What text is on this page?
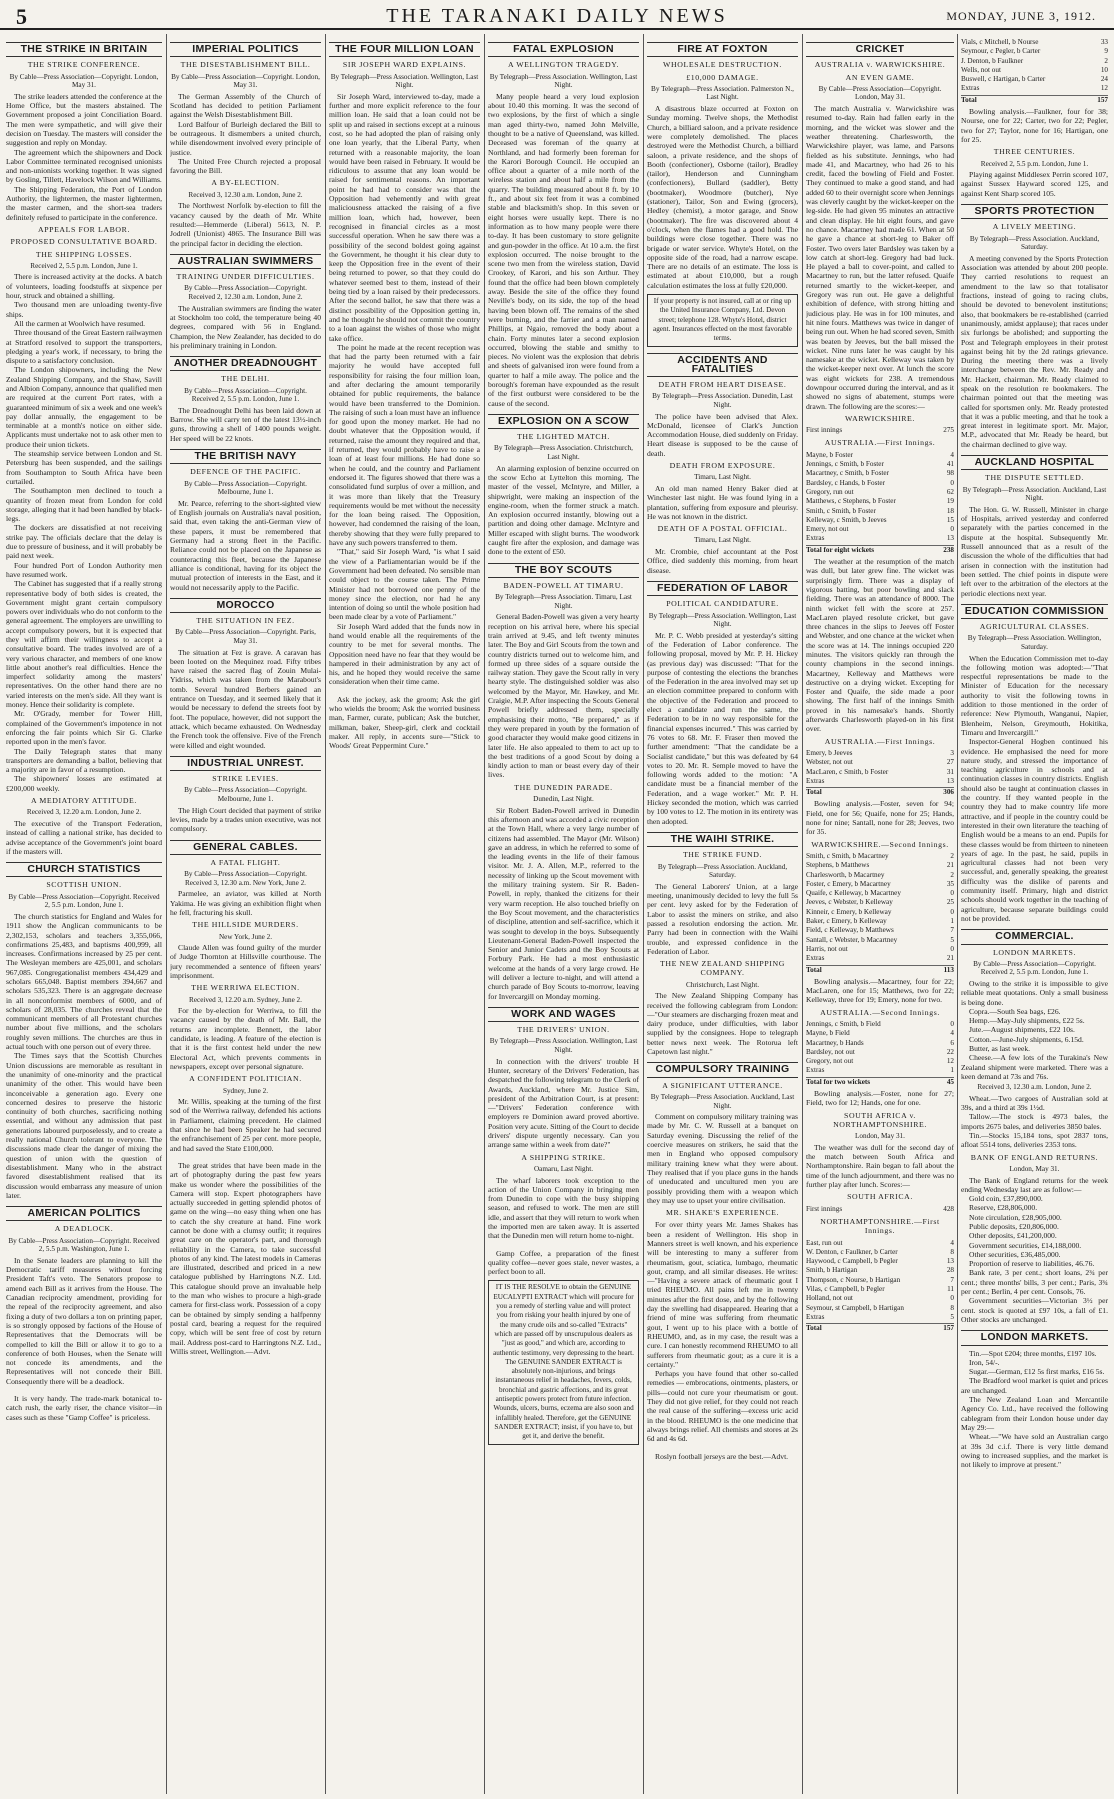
5	THE TARANAKI DAILY NEWS	MONDAY, JUNE 3, 1912.
THE STRIKE IN BRITAIN
THE STRIKE CONFERENCE.
By Cable—Press Association—Copyright. London, May 31.

The strike leaders attended the conference at the Home Office, but the masters abstained. The Government proposed a joint Conciliation Board. The men were sympathetic, and will give their decision on Tuesday. The masters will consider the suggestion and reply on Monday.

The agreement which the shipowners and Dock Labor Committee terminated recognised unionists and non-unionists working together. It was signed by Gosling, Tillett, Havelock Wilson and Williams.

The Shipping Federation, the Port of London Authority, the lightermen, the master lightermen, the master carmen, and the short-sea traders definitely refused to participate in the conference.

APPEALS FOR LABOR.
PROPOSED CONSULTATIVE BOARD.
THE SHIPPING LOSSES.
Received 2, 5.5 p.m. London, June 1.

There is increased activity at the docks. A batch of volunteers, loading foodstuffs at sixpence per hour, struck and obtained a shilling.

Two thousand men are unloading twenty-five ships.

All the carmen at Woolwich have resumed.

Three thousand of the Great Eastern railwaymen at Stratford resolved to support the transporters, pledging a year's work, if necessary, to bring the dispute to a satisfactory conclusion.

The London shipowners, including the New Zealand Shipping Company, and the Shaw, Savill and Albion Company, announce that qualified men are required at the current Port rates, with a guaranteed minimum of six a week and one week's pay dollar annually, the engagement to be terminable at a month's notice on either side. Applicants must undertake not to ask other men to produce their union tickets.

The steamship service between London and St. Petersburg has been suspended, and the sailings from Southampton to South Africa have been curtailed.

The Southampton men declined to touch a quantity of frozen meat from London for cold storage, alleging that it had been handled by black-legs.

The dockers are dissatisfied at not receiving strike pay. The officials declare that the delay is due to pressure of business, and it will probably be paid next week.

Four hundred Port of London Authority men have resumed work.

The Cabinet has suggested that if a really strong representative body of both sides is created, the Government might grant certain compulsory powers over individuals who do not conform to the general agreement. The employers are unwilling to accept compulsory powers, but it is expected that they will affirm their willingness to accept a consultative board. The trades involved are of a very various character, and members of one know little about another's real difficulties. Hence the imperfect solidarity among the masters' representatives. On the other hand there are no varied interests on the men's side. All they want is money. Hence their solidarity is complete.

Mr. O'Grady, member for Tower Hill, complained of the Government's impotence in not enforcing the fair points which Sir G. Clarke reported upon in the men's favor.

The Daily Telegraph states that many transporters are demanding a ballot, believing that a majority are in favor of a resumption.

The shipowners' losses are estimated at £200,000 weekly.

A MEDIATORY ATTITUDE.
Received 3, 12.20 a.m. London, June 2.

The executive of the Transport Federation, instead of calling a national strike, has decided to advise acceptance of the Government's joint board if the masters will.

CHURCH STATISTICS
SCOTTISH UNION.
By Cable—Press Association—Copyright. Received 2, 5.5 p.m. London, June 1.

The church statistics for England and Wales for 1911 show the Anglican communicants to be 2,302,153, scholars and teachers 3,355,066, confirmations 25,483, and baptisms 400,999, all increases. Confirmations increased by 25 per cent. The Wesleyan members are 425,001, and scholars 967,085. Congregationalist members 434,429 and scholars 665,048. Baptist members 394,667 and scholars 535,323. There is an aggregate decrease in all nonconformist members of 6000, and of scholars of 28,035. The churches reveal that the communicant members of all Protestant churches number about five millions, and the scholars roughly seven millions. The churches are thus in actual touch with one person out of every three.

The Times says that the Scottish Churches Union discussions are memorable as resultant in the unanimity of one-minority and the practical unanimity of the other. This would have been inconceivable a generation ago. Every one concerned desires to preserve the historic continuity of both churches, sacrificing nothing essential, and without any admission that past generations laboured purposelessly, and to create a really national Church tolerant to everyone. The discussions made clear the danger of mixing the question of union with the question of disestablishment. Many who in the abstract favored disestablishment realised that its discussion would embarrass any measure of union later.

AMERICAN POLITICS
A DEADLOCK.
By Cable—Press Association—Copyright. Received 2, 5.5 p.m. Washington, June 1.

In the Senate leaders are planning to kill the Democratic tariff measures without forcing President Taft's veto. The Senators propose to amend each Bill as it arrives from the House. The Canadian reciprocity amendment, providing for the repeal of the reciprocity agreement, and also fixing a duty of two dollars a ton on printing paper, is so strongly opposed by factions of the House of Representatives that the Democrats will be compelled to kill the Bill or allow it to go to a conference of both Houses, when the Senate will not concede its amendments, and the Representatives will not concede their Bill. Consequently there will be a deadlock.

It is very handy. The trade-mark botanical to-catch rush, the early riser, the chance visitor—in cases such as these "Gamp Coffee" is priceless.

IMPERIAL POLITICS
THE DISESTABLISHMENT BILL.
By Cable—Press Association—Copyright. London, May 31.

The German Assembly of the Church of Scotland has decided to petition Parliament against the Welsh Disestablishment Bill.

Lord Balfour of Burleigh declared the Bill to be outrageous. It dismembers a united church, while disendowment involved every principle of justice.

The United Free Church rejected a proposal favoring the Bill.

A BY-ELECTION.
Received 3, 12.30 a.m. London, June 2.

The Northwest Norfolk by-election to fill the vacancy caused by the death of Mr. White resulted:—Hemmerde (Liberal) 5613, N. P. Jodrell (Unionist) 4865. The Insurance Bill was the principal factor in deciding the election.

AUSTRALIAN SWIMMERS
TRAINING UNDER DIFFICULTIES.
By Cable—Press Association—Copyright. Received 2, 12.30 a.m. London, June 2.

The Australian swimmers are finding the water at Stockholm too cold, the temperature being 40 degrees, compared with 56 in England. Champion, the New Zealander, has decided to do his preliminary training in London.

ANOTHER DREADNOUGHT
THE DELHI.
By Cable—Press Association—Copyright. Received 2, 5.5 p.m. London, June 1.

The Dreadnought Delhi has been laid down at Barrow. She will carry ten of the latest 13½-inch guns, throwing a shell of 1400 pounds weight. Her speed will be 22 knots.

THE BRITISH NAVY
DEFENCE OF THE PACIFIC.
By Cable—Press Association—Copyright. Melbourne, June 1.

Mr. Pearce, referring to the short-sighted view of English journals on Australia's naval position, said that, even taking the anti-German view of these papers, it must be remembered that Germany had a strong fleet in the Pacific. Reliance could not be placed on the Japanese as counteracting this fleet, because the Japanese alliance is conditional, having for its object the mutual protection of interests in the East, and it would not necessarily apply to the Pacific.

MOROCCO
THE SITUATION IN FEZ.
By Cable—Press Association—Copyright. Paris, May 31.

The situation at Fez is grave. A caravan has been looted on the Mequinez road. Fifty tribes have raised the sacred flag of Zouin Mulai-Yidriss, which was taken from the Marabout's tomb. Several hundred Berbers gained an entrance on Tuesday, and it seemed likely that it would be necessary to defend the streets foot by foot. The populace, however, did not support the attack, which became exhausted. On Wednesday the French took the offensive. Five of the French were killed and eight wounded.

INDUSTRIAL UNREST.
STRIKE LEVIES.
By Cable—Press Association—Copyright. Melbourne, June 1.

The High Court decided that payment of strike levies, made by a trades union executive, was not compulsory.

GENERAL CABLES.
A FATAL FLIGHT.
By Cable—Press Association—Copyright. Received 3, 12.30 a.m. New York, June 2.

Parmelee, an aviator, was killed at North Yakima. He was giving an exhibition flight when he fell, fracturing his skull.

THE HILLSIDE MURDERS.
New York, June 2.

Claude Allen was found guilty of the murder of Judge Thornton at Hillsville courthouse. The jury recommended a sentence of fifteen years' imprisonment.

THE WERRIWA ELECTION.
Received 3, 12.20 a.m. Sydney, June 2.

For the by-election for Werriwa, to fill the vacancy caused by the death of Mr. Ball, the returns are incomplete. Bennett, the labor candidate, is leading. A feature of the election is that it is the first contest held under the new Electoral Act, which prevents comments in newspapers, except over personal signature.

A CONFIDENT POLITICIAN.
Sydney, June 2.

Mr. Willis, speaking at the turning of the first sod of the Werriwa railway, defended his actions in Parliament, claiming precedent. He claimed that since he had been Speaker he had secured the enfranchisement of 25 per cent. more people, and had saved the State £100,000.

The great strides that have been made in the art of photography during the past few years make us wonder where the possibilities of the Camera will stop. Expert photographers have actually succeeded in getting splendid photos of game on the wing—no easy thing when one has to catch the shy creature at hand. Fine work cannot be done with a clumsy outfit; it requires great care on the operator's part, and thorough reliability in the Camera, to take successful photos of any kind. The latest models in Cameras are illustrated, described and priced in a new catalogue published by Harringtons N.Z. Ltd. This catalogue should prove an invaluable help to the man who wishes to procure a high-grade camera for first-class work. Possession of a copy can be obtained by simply sending a halfpenny postal card, bearing a request for the required copy, which will be sent free of cost by return mail. Address post-card to Harringtons N.Z. Ltd., Willis street, Wellington.—Advt.

THE FOUR MILLION LOAN
SIR JOSEPH WARD EXPLAINS.
By Telegraph—Press Association. Wellington, Last Night.

Sir Joseph Ward, interviewed to-day, made a further and more explicit reference to the four million loan. He said that a loan could not be split up and raised in sections except at a ruinous cost, so he had adopted the plan of raising only one loan yearly, that the Liberal Party, when returned with a reasonable majority, the loan would have been raised in February. It would be ridiculous to assume that any loan would be raised for sentimental reasons. An important point he had had to consider was that the Opposition had vehemently and with great maliciousness attacked the raising of a five million loan, which had, however, been recognised in financial circles as a most successful operation. When he saw there was a possibility of the second boldest going against the Government, he thought it his clear duty to keep the Opposition free in the event of their being returned to power, so that they could do whatever seemed best to them, instead of their being tied by a loan raised by their predecessors. After the second ballot, he saw that there was a distinct possibility of the Opposition getting in, and he thought he should not commit the country to a loan against the wishes of those who might take office.

The point he made at the recent reception was that had the party been returned with a fair majority he would have accepted full responsibility for raising the four million loan, and after declaring the amount temporarily obtained for public requirements, the balance would have been transferred to the Dominion. The raising of such a loan must have an influence for good upon the money market. He had no doubt whatever that the Opposition would, if returned, raise the amount they required and that, if returned, they would probably have to raise a loan of at least four millions. He had done so when he could, and the country and Parliament endorsed it. The figures showed that there was a consolidated fund surplus of over a million, and it was more than likely that the Treasury requirements would be met without the necessity for the loan being raised. The Opposition, however, had condemned the raising of the loan, thereby showing that they were fully prepared to have any such powers transferred to them.

"That," said Sir Joseph Ward, "is what I said the view of a Parliamentarian would be if the Government had been defeated. No sensible man could object to the course taken. The Prime Minister had not borrowed one penny of the money since the election, nor had he any intention of doing so until the whole position had been made clear by a vote of Parliament."

Sir Joseph Ward added that the funds now in hand would enable all the requirements of the country to be met for several months. The Opposition need have no fear that they would be hampered in their administration by any act of his, and he hoped they would receive the same consideration when their time came.

Ask the jockey, ask the groom; Ask the girl who wields the broom; Ask the worried business man, Farmer, curate, publican; Ask the butcher, milkman, baker, Sheep-girl, clerk and cocktail maker. All reply, in accents sure—"Stick to Woods' Great Peppermint Cure."

FATAL EXPLOSION
A WELLINGTON TRAGEDY.
By Telegraph—Press Association. Wellington, Last Night.

Many people heard a very loud explosion about 10.40 this morning. It was the second of two explosions, by the first of which a single man aged thirty-two, named John Melville, thought to be a native of Queensland, was killed. Deceased was foreman of the quarry at Northland, and had formerly been foreman for the Karori Borough Council. He occupied an office about a quarter of a mile north of the wireless station and about half a mile from the quarry. The building measured about 8 ft. by 10 ft., and about six feet from it was a combined stable and blacksmith's shop. In this seven or eight horses were usually kept. There is no information as to how many people were there to-day. It has been customary to store gelignite and gun-powder in the office. At 10 a.m. the first explosion occurred. The noise brought to the scene two men from the wireless station, David Crookey, of Karori, and his son Arthur. They found that the office had been blown completely away. Beside the site of the office they found Neville's body, on its side, the top of the head having been blown off. The remains of the shed were burning, and the farrier and a man named Phillips, at Ngaio, removed the body about a chain. Forty minutes later a second explosion occurred, blowing the stable and smithy to pieces. No violent was the explosion that debris and sheets of galvanised iron were found from a quarter to half a mile away. The police and the borough's foreman have expounded as the result of the first outburst were considered to be the cause of the second.

EXPLOSION ON A SCOW
THE LIGHTED MATCH.
By Telegraph—Press Association. Christchurch, Last Night.

An alarming explosion of benzine occurred on the scow Echo at Lyttelton this morning. The master of the vessel, McIntyre, and Miller, a shipwright, were making an inspection of the engine-room, when the former struck a match. An explosion occurred instantly, blowing out a partition and doing other damage. McIntyre and Miller escaped with slight burns. The woodwork caught fire after the explosion, and damage was done to the extent of £50.

THE BOY SCOUTS
BADEN-POWELL AT TIMARU.
By Telegraph—Press Association. Timaru, Last Night.

General Baden-Powell was given a very hearty reception on his arrival here, where his special train arrived at 9.45, and left twenty minutes later. The Boy and Girl Scouts from the town and country districts turned out to welcome him, and formed up three sides of a square outside the railway station. They gave the Scout rally in very hearty style. The distinguished soldier was also welcomed by the Mayor, Mr. Hawkey, and Mr. Craigie, M.P. After inspecting the Scouts General Powell briefly addressed them, specially emphasising their motto, "Be prepared," as if they were prepared in youth by the formation of good character they would make good citizens in later life. He also appealed to them to act up to the best traditions of a good Scout by doing a kindly action to man or beast every day of their lives.

THE DUNEDIN PARADE.
Dunedin, Last Night.

Sir Robert Baden-Powell arrived in Dunedin this afternoon and was accorded a civic reception at the Town Hall, where a very large number of citizens had assembled. The Mayor (Mr. Wilson) gave an address, in which he referred to some of the leading events in the life of their famous visitor. Mr. J. A. Allen, M.P., referred to the necessity of linking up the Scout movement with the military training system. Sir R. Baden-Powell, in reply, thanked the citizens for their very warm reception. He also touched briefly on the Boy Scout movement, and the characteristics of discipline, attention and self-sacrifice, which it was sought to develop in the boys. Subsequently Lieutenant-General Baden-Powell inspected the Senior and Junior Cadets and the Boy Scouts at Forbury Park. He had a most enthusiastic welcome at the hands of a very large crowd. He will deliver a lecture to-night, and will attend a church parade of Boy Scouts to-morrow, leaving for Invercargill on Monday morning.

WORK AND WAGES
THE DRIVERS' UNION.
By Telegraph—Press Association. Wellington, Last Night.

In connection with the drivers' trouble H Hunter, secretary of the Drivers' Federation, has despatched the following telegram to the Clerk of Awards, Auckland, where Mr. Justice Sim, president of the Arbitration Court, is at present:—"Drivers' Federation conference with employers re Dominion award proved abortive. Position very acute. Sitting of the Court to decide drivers' dispute urgently necessary. Can you arrange same within a week from date?"

A SHIPPING STRIKE.
Oamaru, Last Night.

The wharf laborers took exception to the action of the Union Company in bringing men from Dunedin to cope with the busy shipping season, and refused to work. The men are still idle, and assert that they will return to work when the imported men are taken away. It is asserted that the Dunedin men will return home to-night.

Gamp Coffee, a preparation of the finest quality coffee—never goes stale, never wastes, a perfect boon to all.

IT IS THE RESOLVE to obtain the GENUINE EUCALYPTI EXTRACT which will procure for you a remedy of sterling value and will protect you from risking your health injured by one of the many crude oils and so-called "Extracts" which are passed off by unscrupulous dealers as "just as good," and which are, according to authentic testimony, very depressing to the heart. The GENUINE SANDER EXTRACT is absolutely non-injurious, and brings instantaneous relief in headaches, fevers, colds, bronchial and gastric affections, and its great antiseptic powers protect from future infection. Wounds, ulcers, burns, eczema are also soon and infallibly healed. Therefore, get the GENUINE SANDER EXTRACT; insist, if you have to, but get it, and derive the benefit.
FIRE AT FOXTON
WHOLESALE DESTRUCTION.
£10,000 DAMAGE.
By Telegraph—Press Association. Palmerston N., Last Night.

A disastrous blaze occurred at Foxton on Sunday morning. Twelve shops, the Methodist Church, a billiard saloon, and a private residence were completely demolished. The places destroyed were the Methodist Church, a billiard saloon, a private residence, and the shops of Booth (confectioner), Osborne (tailor), Bradley (tailor), Henderson and Cunningham (confectioners), Bullard (saddler), Betty (bootmaker), Woodmore (butcher), Nye (stationer), Tailor, Son and Ewing (grocers), Hedley (chemist), a motor garage, and Snow (bootmaker). The fire was discovered about 4 o'clock, when the flames had a good hold. The buildings were close together. There was no brigade or water service. Whyte's Hotel, on the opposite side of the road, had a narrow escape. There are no details of an estimate. The loss is estimated at about £10,000, but a rough calculation estimates the loss at fully £20,000.

If your property is not insured, call at or ring up the United Insurance Company, Ltd. Devon street; telephone 128. Whyte's Hotel, district agent. Insurances effected on the most favorable terms.
ACCIDENTS AND FATALITIES
DEATH FROM HEART DISEASE.
By Telegraph—Press Association. Dunedin, Last Night.

The police have been advised that Alex. McDonald, licensee of Clark's Junction Accommodation House, died suddenly on Friday. Heart disease is supposed to be the cause of death.

DEATH FROM EXPOSURE.
Timaru, Last Night.

An old man named Henry Baker died at Winchester last night. He was found lying in a plantation, suffering from exposure and pleurisy. He was not known in the district.

DEATH OF A POSTAL OFFICIAL.
Timaru, Last Night.

Mr. Crombie, chief accountant at the Post Office, died suddenly this morning, from heart disease.

FEDERATION OF LABOR
POLITICAL CANDIDATURE.
By Telegraph—Press Association. Wellington, Last Night.

Mr. P. C. Webb presided at yesterday's sitting of the Federation of Labor conference. The following proposal, moved by Mr. P. H. Hickey (as previous day) was discussed: "That for the purpose of contesting the elections the branches of the Federation in the area involved may set up an election committee prepared to conform with the objective of the Federation and proceed to elect a candidate and run the same, the Federation to be in no way responsible for the financial expenses incurred." This was carried by 76 votes to 68. Mr. F. Fraser then moved the further amendment: "That the candidate be a Socialist candidate," but this was defeated by 64 votes to 20. Mr. R. Semple moved to have the following words added to the motion: "A candidate must be a financial member of the Federation, and a wage worker." Mr. P. H. Hickey seconded the motion, which was carried by 100 votes to 12. The motion in its entirety was then adopted.

THE WAIHI STRIKE.
THE STRIKE FUND.
By Telegraph—Press Association. Auckland, Saturday.

The General Laborers' Union, at a large meeting, unanimously decided to levy the full 5s per cent. levy asked for by the Federation of Labor to assist the miners on strike, and also passed a resolution endorsing the action. Mr. Parry had been in connection with the Waihi trouble, and expressed confidence in the Federation of Labor.

THE NEW ZEALAND SHIPPING COMPANY.
Christchurch, Last Night.

The New Zealand Shipping Company has received the following cablegram from London:—"Our steamers are discharging frozen meat and dairy produce, under difficulties, with labor supplied by the consignees. Hope to telegraph better news next week. The Rotorua left Capetown last night."

COMPULSORY TRAINING
A SIGNIFICANT UTTERANCE.
By Telegraph—Press Association. Auckland, Last Night.

Comment on compulsory military training was made by Mr. C. W. Russell at a banquet on Saturday evening. Discussing the relief of the coercive measures on strikers, he said that the men in England who opposed compulsory military training knew what they were about. They realised that if you place guns in the hands of uneducated and uncultured men you are possibly providing them with a weapon which they may use to upset your entire civilisation.

MR. SHAKE'S EXPERIENCE.

For over thirty years Mr. James Shakes has been a resident of Wellington. His shop in Manners street is well known, and his experience will be interesting to many a sufferer from rheumatism, gout, sciatica, lumbago, rheumatic gout, cramp, and all similar diseases. He writes:—"Having a severe attack of rheumatic gout I tried RHEUMO. All pains left me in twenty minutes after the first dose, and by the following day the swelling had disappeared. Hearing that a friend of mine was suffering from rheumatic gout, I went up to his place with a bottle of RHEUMO, and, as in my case, the result was a cure. I can honestly recommend RHEUMO to all sufferers from rheumatic gout; as a cure it is a certainty."

Perhaps you have found that other so-called remedies — embrocations, ointments, plasters, or pills—could not cure your rheumatism or gout. They did not give relief, for they could not reach the real cause of the suffering—excess uric acid in the blood. RHEUMO is the one medicine that always brings relief. All chemists and stores at 2s 6d and 4s 6d.

Roslyn football jerseys are the best.—Advt.

CRICKET
AUSTRALIA v. WARWICKSHIRE.
AN EVEN GAME.
By Cable—Press Association—Copyright. London, May 31.

The match Australia v. Warwickshire was resumed to-day. Rain had fallen early in the morning, and the wicket was slower and the weather threatening. Charlesworth, the Warwickshire player, was lame, and Parsons fielded as his substitute. Jennings, who had made 41, and Macartney, who had 26 to his credit, faced the bowling of Field and Foster. They continued to make a good stand, and had added 60 to their overnight score when Jennings was cleverly caught by the wicket-keeper on the leg-side. He had given 95 minutes an attractive and clean display. He hit eight fours, and gave no chance. Macartney had made 61. When at 50 he gave a chance at short-leg to Baker off Foster. Two overs later Bardsley was taken by a low catch at short-leg. Gregory had bad luck. He played a ball to cover-point, and called to Macartney to run, but the latter refused. Quaife returned smartly to the wicket-keeper, and Gregory was run out. He gave a delightful exhibition of defence, with strong hitting and judicious play. He was in for 100 minutes, and hit nine fours. Matthews was twice in danger of being run out. When he had scored seven, Smith was beaten by Jeeves, but the ball missed the wicket. Nine runs later he was caught by his namesake at the wicket. Kelleway was taken by the wicket-keeper next over. At lunch the score was eight wickets for 238. A tremendous downpour occurred during the interval, and as it showed no signs of abatement, stumps were drawn. The following are the scores:—

WARWICKSHIRE.
First innings	275
AUSTRALIA.—First Innings.
Mayne, b Foster	4
Jennings, c Smith, b Foster	41
Macartney, c Smith, b Foster	98
Bardsley, c Hands, b Foster	0
Gregory, run out	62
Matthews, c Stephens, b Foster	19
Smith, c Smith, b Foster	18
Kelleway, c Smith, b Jeeves	15
Emery, not out	0
Extras	13
Total for eight wickets	238

The weather at the resumption of the match was dull, but later grew fine. The wicket was surprisingly firm. There was a display of vigorous batting, but poor bowling and slack fielding. There was an attendance of 8000. The ninth wicket fell with the score at 257. MacLaren played resolute cricket, but gave three chances in the slips to Jeeves off Foster and Webster, and one chance at the wicket when the score was at 14. The innings occupied 220 minutes. The visitors quickly ran through the county champions in the second innings. Macartney, Kelleway and Matthews were destructive on a drying wicket. Excepting for Foster and Quaife, the side made a poor showing. The first half of the innings Smith proved in his namesake's hands. Shortly afterwards Charlesworth played-on in his first over.

AUSTRALIA.—First Innings.
Emery, b Jeeves	3
Webster, not out	27
MacLaren, c Smith, b Foster	31
Extras	13
Total	306

Bowling analysis.—Foster, seven for 94; Field, one for 56; Quaife, none for 25; Hands, none for nine; Santall, none for 28; Jeeves, two for 35.

WARWICKSHIRE.—Second Innings.
Smith, c Smith, b Macartney	2
Stephens, b Matthews	21
Charlesworth, b Macartney	2
Foster, c Emery, b Macartney	35
Quaife, c Kelleway, b Macartney	0
Jeeves, c Webster, b Kelleway	25
Kinneir, c Emery, b Kelleway	0
Baker, c Emery, b Kelleway	1
Field, c Kelleway, b Matthews	7
Santall, c Webster, b Macartney	5
Harris, not out	0
Extras	21
Total	113

Bowling analysis.—Macartney, four for 22; MacLaren, one for 15; Matthews, two for 22; Kelleway, three for 19; Emery, none for two.

AUSTRALIA.—Second Innings.
Jennings, c Smith, b Field	0
Mayne, b Field	4
Macartney, b Hands	6
Bardsley, not out	22
Gregory, not out	12
Extras	1
Total for two wickets	45

Bowling analysis.—Foster, none for 27; Field, two for 12; Hands, one for one.

SOUTH AFRICA v. NORTHAMPTONSHIRE.
London, May 31.

The weather was dull for the second day of the match between South Africa and Northamptonshire. Rain began to fall about the time of the lunch adjournment, and there was no further play after lunch. Scores:—

SOUTH AFRICA.
First innings	428
NORTHAMPTONSHIRE.—First Innings.
East, run out	4
W. Denton, c Faulkner, b Carter	8
Haywood, c Campbell, b Pegler	13
Smith, b Hartigan	28
Thompson, c Nourse, b Hartigan	7
Vilas, c Campbell, b Pegler	11
Holland, not out	0
Seymour, st Campbell, b Hartigan	8
Extras	5
Total	157
Vials, c Mitchell, b Nourse	33
Seymour, c Pegler, b Carter	9
J. Denton, b Faulkner	2
Wells, not out	10
Buswell, c Hartigan, b Carter	24
Extras	12
Total	157

Bowling analysis.—Faulkner, four for 38; Nourse, one for 22; Carter, two for 22; Pegler, two for 27; Taylor, none for 16; Hartigan, one for 25.

THREE CENTURIES.
Received 2, 5.5 p.m. London, June 1.

Playing against Middlesex Perrin scored 107, against Sussex Hayward scored 125, and against Kent Sharp scored 105.

SPORTS PROTECTION
A LIVELY MEETING.
By Telegraph—Press Association. Auckland, Saturday.

A meeting convened by the Sports Protection Association was attended by about 200 people. They carried resolutions to request an amendment to the law so that totalisator fractions, instead of going to racing clubs, should be devoted to benevolent institutions; also, that bookmakers be re-established (carried unanimously, amidst applause); that races under six furlongs be abolished; and supporting the Post and Telegraph employees in their protest against being hit by the 2d ratings grievance. During the meeting there was a lively interchange between the Rev. Mr. Ready and Mr. Hackett, chairman. Mr. Ready claimed to speak on the resolution re bookmakers. The chairman pointed out that the meeting was called for sportsmen only. Mr. Ready protested that it was a public meeting, and that he took a great interest in legitimate sport. Mr. Major, M.P., advocated that Mr. Ready be heard, but the chairman declined to give way.

AUCKLAND HOSPITAL
THE DISPUTE SETTLED.
By Telegraph—Press Association. Auckland, Last Night.

The Hon. G. W. Russell, Minister in charge of Hospitals, arrived yesterday and conferred separately with the parties concerned in the dispute at the hospital. Subsequently Mr. Russell announced that as a result of the discussion the whole of the difficulties that had arisen in connection with the institution had been settled. The chief points in dispute were left over to the arbitration of the electors at the periodic elections next year.

EDUCATION COMMISSION
AGRICULTURAL CLASSES.
By Telegraph—Press Association. Wellington, Saturday.

When the Education Commission met to-day the following motion was adopted:—"That respectful representations be made to the Minister of Education for the necessary authority to visit the following towns in addition to those mentioned in the order of reference: New Plymouth, Wanganui, Napier, Blenheim, Nelson, Greymouth, Hokitika, Timaru and Invercargill."

Inspector-General Hogben continued his evidence. He emphasised the need for more nature study, and stressed the importance of teaching agriculture in schools and at continuation classes in country districts. English should also be taught at continuation classes in the country. If they wanted people in the country they had to make country life more attractive, and if people in the country could be interested in their own literature the teaching of English would be a means to an end. Pupils for these classes would be from thirteen to nineteen years of age. In the past, he said, pupils in agricultural classes had not been very successful, and, generally speaking, the greatest difficulty was the dislike of parents and community itself. Primary, high and district schools should work together in the teaching of agriculture, because separate buildings could not be provided.

COMMERCIAL.
LONDON MARKETS.
By Cable—Press Association—Copyright. Received 2, 5.5 p.m. London, June 1.

Owing to the strike it is impossible to give reliable meat quotations. Only a small business is being done.

Copra.—South Sea bags, £26.

Hemp.—May-July shipments, £22 5s.

Jute.—August shipments, £22 10s.

Cotton.—June-July shipments, 6.15d.

Butter, as last week.

Cheese.—A few lots of the Turakina's New Zealand shipment were marketed. There was a keen demand at 73s and 76s.

Received 3, 12.30 a.m. London, June 2.

Wheat.—Two cargoes of Australian sold at 39s, and a third at 39s 1½d.

Tallow.—The stock is 4973 bales, the imports 2675 bales, and deliveries 3850 bales.

Tin.—Stocks 15,184 tons, spot 2837 tons, afloat 5514 tons, deliveries 2353 tons.

BANK OF ENGLAND RETURNS.
London, May 31.

The Bank of England returns for the week ending Wednesday last are as follow:—

Gold coin, £37,890,000.

Reserve, £28,806,000.

Note circulation, £28,905,000.

Public deposits, £20,806,000.

Other deposits, £41,200,000.

Government securities, £14,188,000.

Other securities, £36,485,000.

Proportion of reserve to liabilities, 46.76.

Bank rate, 3 per cent.; short loans, 2¾ per cent.; three months' bills, 3 per cent.; Paris, 3¾ per cent.; Berlin, 4 per cent. Consols, 76.

Government securities—Victorian 3½ per cent. stock is quoted at £97 10s, a fall of £1. Other stocks are unchanged.

LONDON MARKETS.

Tin.—Spot £204; three months, £197 10s.

Iron, 54/-.

Sugar.—German, £12 5s first marks, £16 5s.

The Bradford wool market is quiet and prices are unchanged.

The New Zealand Loan and Mercantile Agency Co. Ltd., have received the following cablegram from their London house under day May 29:—

Wheat.—"We have sold an Australian cargo at 39s 3d c.i.f. There is very little demand owing to increased supplies, and the market is not likely to improve at present."
